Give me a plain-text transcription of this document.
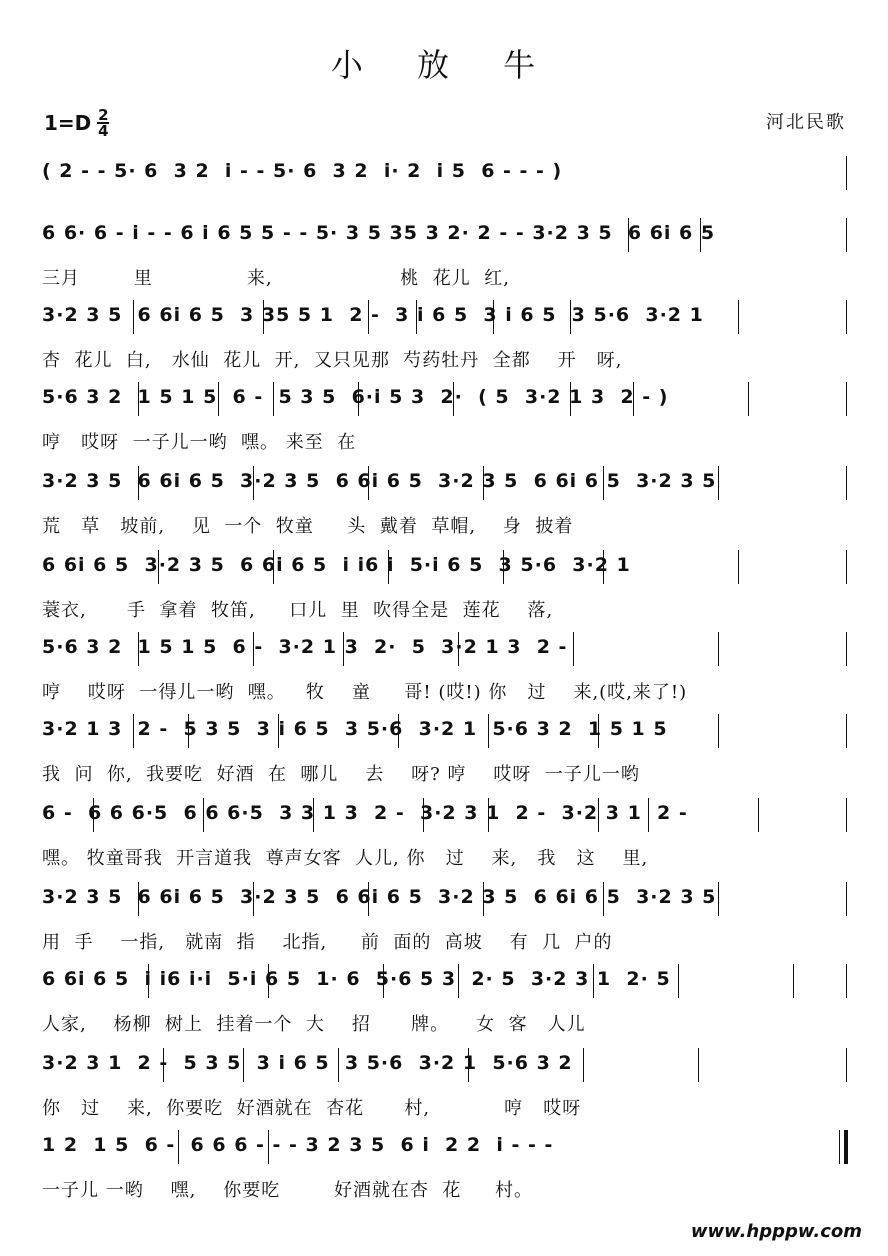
小 放 牛
$1=D \frac{2}{4}$	河北民歌
( 2 - - 5· 6  3 2  i - - 5· 6  3 2  i· 2  i 5  6 - - - )
6 6· 6 - i - - 6 i 6 5 5 - - 5· 3 5 35 3 2· 2 - - 3·2 3 5  6 6i 6 5
三月        里              来,                   桃  花儿  红,
3·2 3 5  6 6i 6 5  3 35 5 1  2 -  3 i 6 5  3 i 6 5  3 5·6  3·2 1
杏  花儿  白,   水仙  花儿  开,  又只见那  芍药牡丹  全都    开   呀,
5·6 3 2  1 5 1 5  6 -  5 3 5  6·i 5 3  2·  ( 5  3·2 1 3  2 - )
哼   哎呀  一子儿一哟  嘿。 来至  在
3·2 3 5  6 6i 6 5  3·2 3 5  6 6i 6 5  3·2 3 5  6 6i 6 5  3·2 3 5
荒   草   坡前,    见  一个  牧童     头  戴着  草帽,    身  披着
6 6i 6 5  3·2 3 5  6 6i 6 5  i i6 i  5·i 6 5  3 5·6  3·2 1
蓑衣,      手  拿着  牧笛,     口儿  里  吹得全是  莲花    落,
5·6 3 2  1 5 1 5  6 -  3·2 1 3  2·  5  3·2 1 3  2 -
哼    哎呀  一得儿一哟  嘿。   牧    童     哥! (哎!) 你   过    来,(哎,来了!)
3·2 1 3  2 -  5 3 5  3 i 6 5  3 5·6  3·2 1  5·6 3 2  1 5 1 5
我  问  你,  我要吃  好酒  在  哪儿    去    呀? 哼    哎呀  一子儿一哟
6 -  6 6 6·5  6 6 6·5  3 3 1 3  2 -  3·2 3 1  2 -  3·2 3 1  2 -
嘿。 牧童哥我  开言道我  尊声女客  人儿, 你   过    来,   我   这    里,
3·2 3 5  6 6i 6 5  3·2 3 5  6 6i 6 5  3·2 3 5  6 6i 6 5  3·2 3 5
用  手    一指,   就南  指    北指,     前  面的  高坡    有  几  户的
6 6i 6 5  i i6 i·i  5·i 6 5  1· 6  5·6 5 3  2· 5  3·2 3 1  2· 5
人家,    杨柳  树上  挂着一个  大    招      牌。    女  客   人儿
3·2 3 1  2 -  5 3 5  3 i 6 5  3 5·6  3·2 1  5·6 3 2
你   过    来,  你要吃  好酒就在  杏花      村,           哼   哎呀
1 2  1 5  6 -  6 6 6 - - - 3 2 3 5  6 i  2 2  i - - -
一子儿 一哟    嘿,    你要吃        好酒就在杏  花     村。
www.hpppw.com
